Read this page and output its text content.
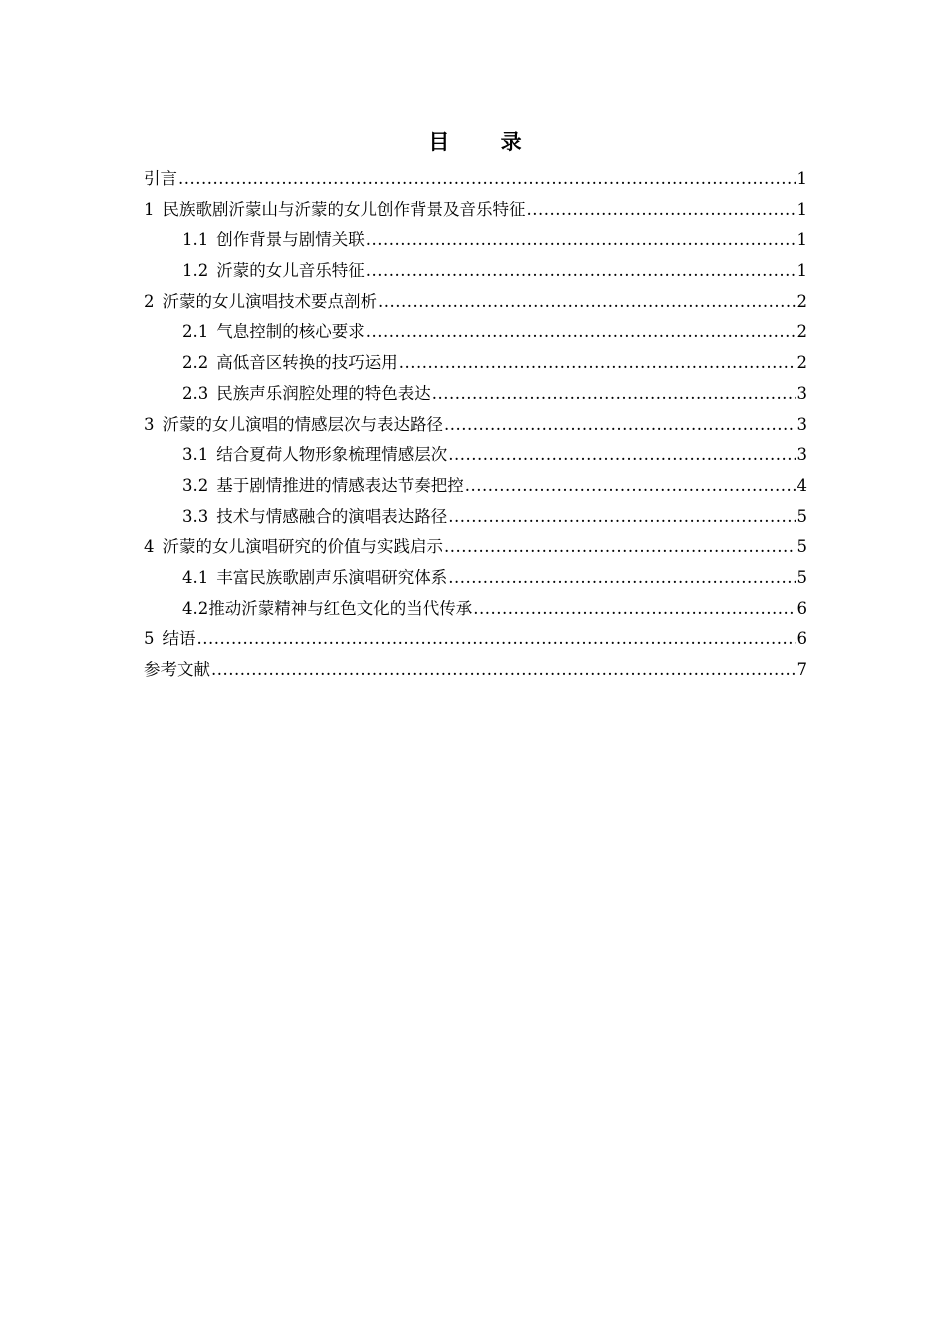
目 录
引言 .....	1
1 民族歌剧沂蒙山与沂蒙的女儿创作背景及音乐特征 .....	1
1.1 创作背景与剧情关联 .....	1
1.2 沂蒙的女儿音乐特征 .....	1
2 沂蒙的女儿演唱技术要点剖析 .....	2
2.1 气息控制的核心要求 .....	2
2.2 高低音区转换的技巧运用 .....	2
2.3 民族声乐润腔处理的特色表达 .....	3
3 沂蒙的女儿演唱的情感层次与表达路径 .....	3
3.1 结合夏荷人物形象梳理情感层次 .....	3
3.2 基于剧情推进的情感表达节奏把控 .....	4
3.3 技术与情感融合的演唱表达路径 .....	5
4 沂蒙的女儿演唱研究的价值与实践启示 .....	5
4.1 丰富民族歌剧声乐演唱研究体系 .....	5
4.2推动沂蒙精神与红色文化的当代传承 .....	6
5 结语 .....	6
参考文献 .....	7
